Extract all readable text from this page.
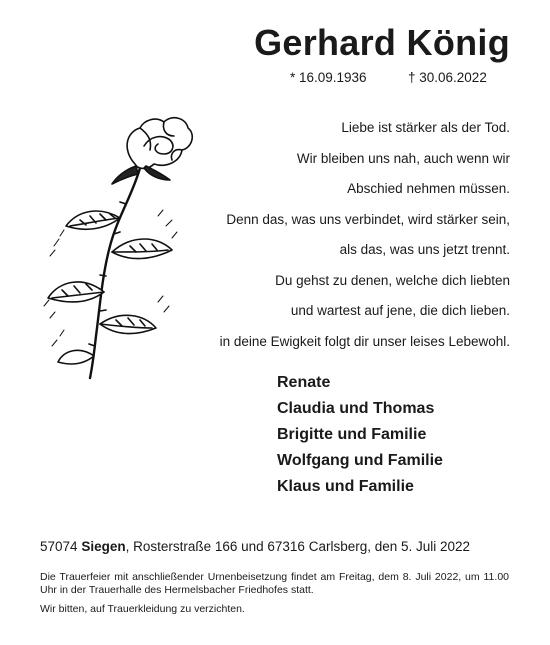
Gerhard König
* 16.09.1936	† 30.06.2022
Liebe ist stärker als der Tod.
Wir bleiben uns nah, auch wenn wir
Abschied nehmen müssen.
Denn das, was uns verbindet, wird stärker sein,
als das, was uns jetzt trennt.
Du gehst zu denen, welche dich liebten
und wartest auf jene, die dich lieben.
in deine Ewigkeit folgt dir unser leises Lebewohl.
Renate
Claudia und Thomas
Brigitte und Familie
Wolfgang und Familie
Klaus und Familie
57074 Siegen, Rosterstraße 166 und 67316 Carlsberg, den 5. Juli 2022
Die Trauerfeier mit anschließender Urnenbeisetzung findet am Freitag, dem 8. Juli 2022, um 11.00 Uhr in der Trauerhalle des Hermelsbacher Friedhofes statt.
Wir bitten, auf Trauerkleidung zu verzichten.
